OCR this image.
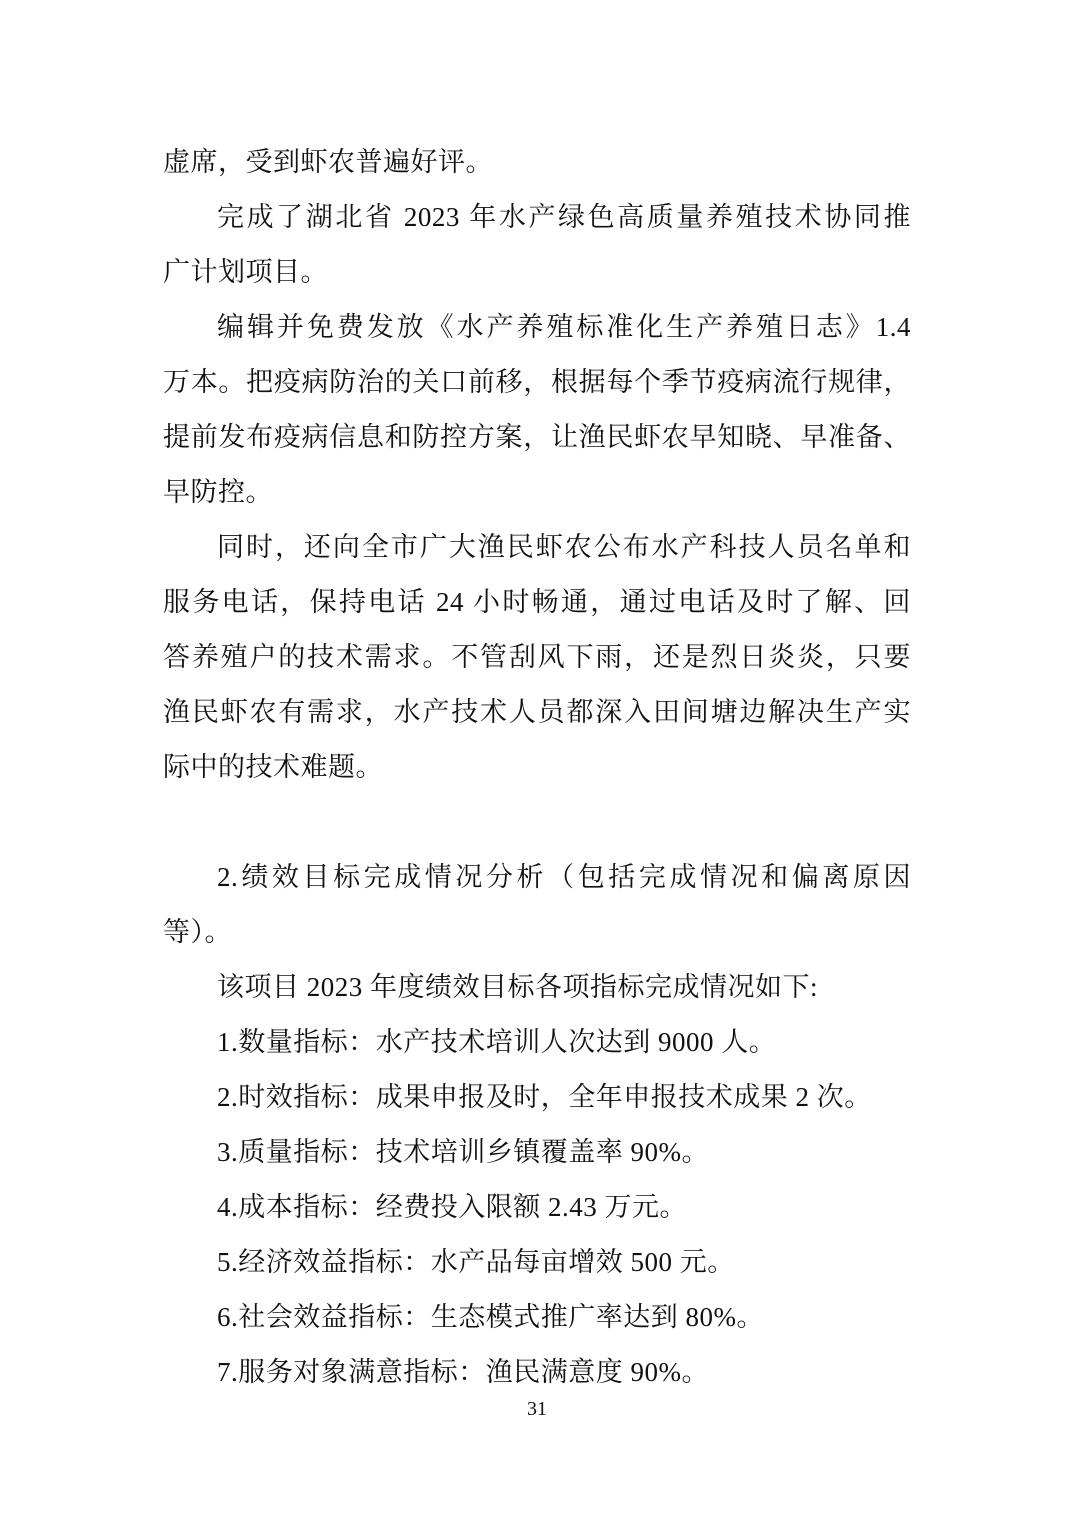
虚席，受到虾农普遍好评。
完成了湖北省 2023 年水产绿色高质量养殖技术协同推
广计划项目。
编辑并免费发放《水产养殖标准化生产养殖日志》1.4
万本。把疫病防治的关口前移，根据每个季节疫病流行规律，
提前发布疫病信息和防控方案，让渔民虾农早知晓、早准备、
早防控。
同时，还向全市广大渔民虾农公布水产科技人员名单和
服务电话，保持电话 24 小时畅通，通过电话及时了解、回
答养殖户的技术需求。不管刮风下雨，还是烈日炎炎，只要
渔民虾农有需求，水产技术人员都深入田间塘边解决生产实
际中的技术难题。
2.绩效目标完成情况分析（包括完成情况和偏离原因
等）。
该项目 2023 年度绩效目标各项指标完成情况如下:
1.数量指标：水产技术培训人次达到 9000 人。
2.时效指标：成果申报及时，全年申报技术成果 2 次。
3.质量指标：技术培训乡镇覆盖率 90%。
4.成本指标：经费投入限额 2.43 万元。
5.经济效益指标：水产品每亩增效 500 元。
6.社会效益指标：生态模式推广率达到 80%。
7.服务对象满意指标：渔民满意度 90%。
31
